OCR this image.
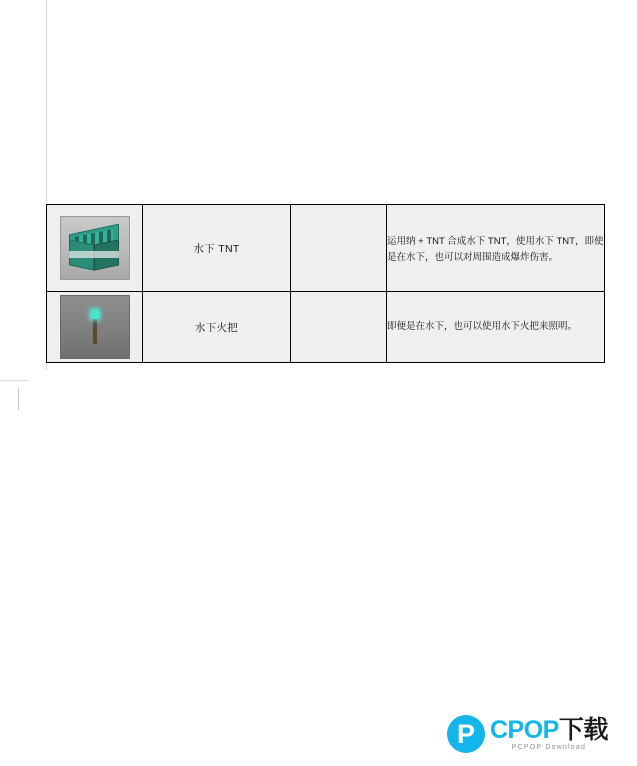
	水下 TNT		运用纳 + TNT 合成水下 TNT，使用水下 TNT，即使是在水下，也可以对周围造成爆炸伤害。

	水下火把		即便是在水下，也可以使用水下火把来照明。
P CPOP下载
PCPOP Download
